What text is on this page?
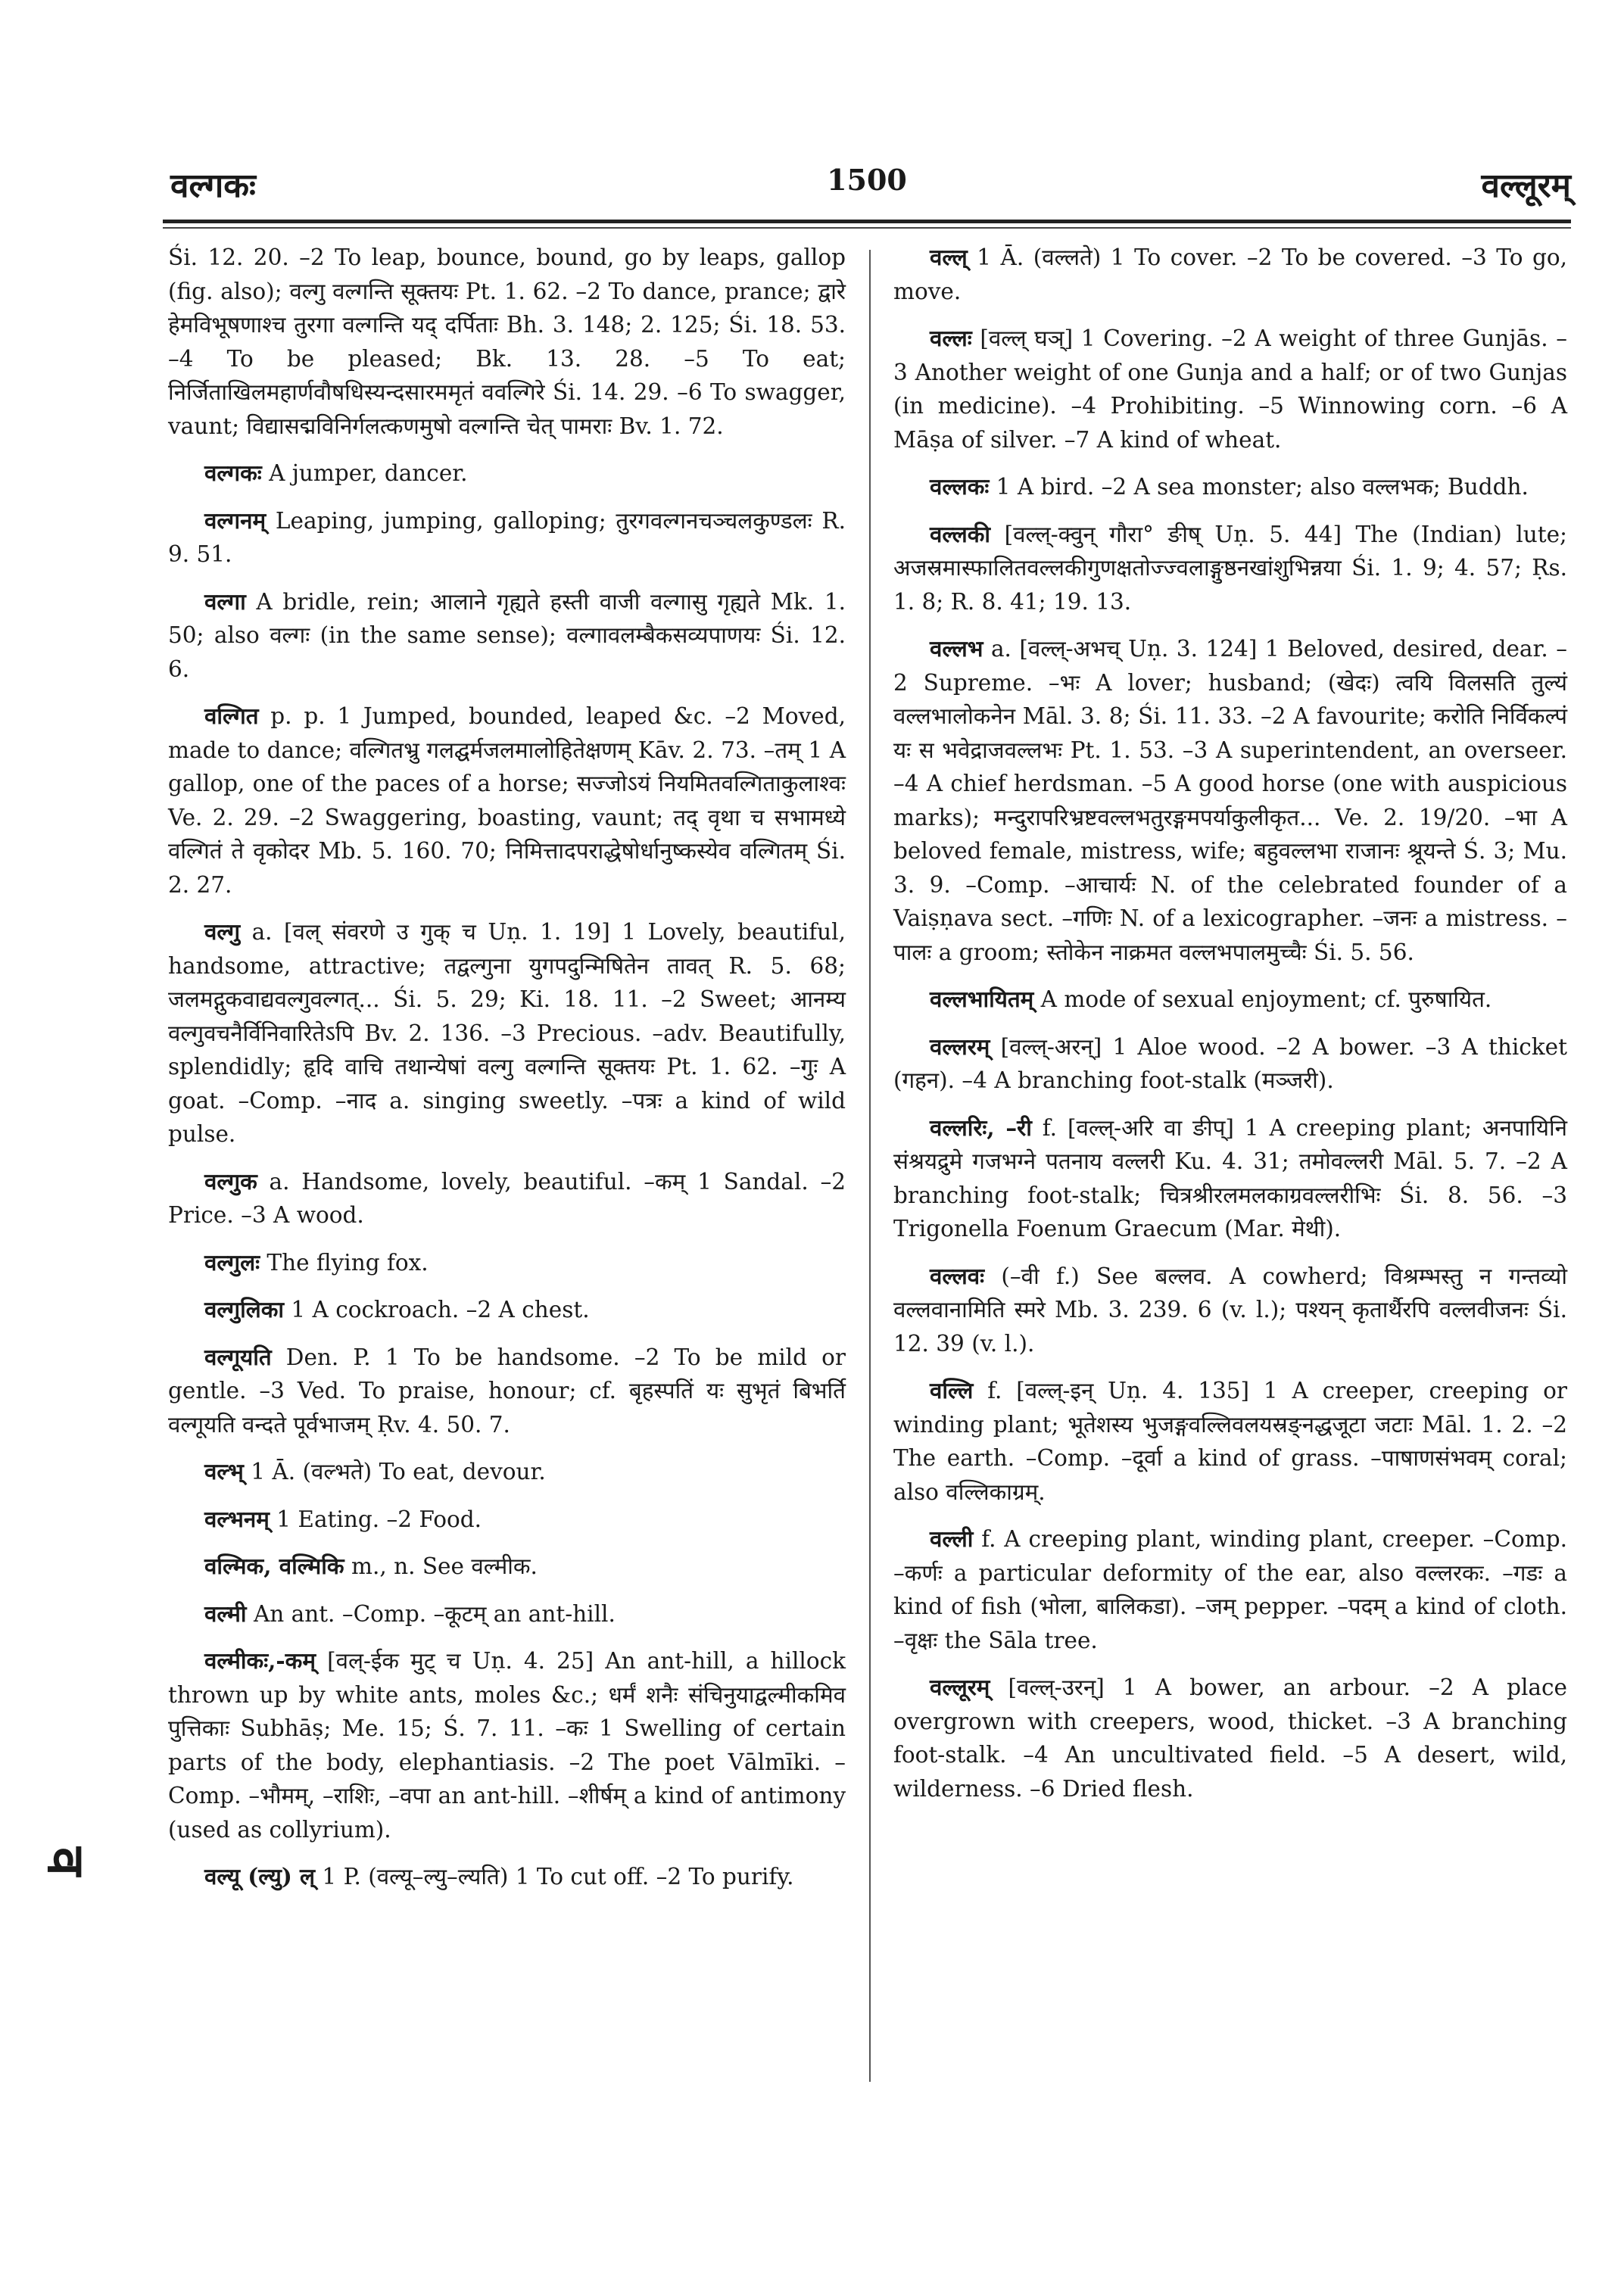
वल्गकः	1500	वल्लूरम्
व

Śi. 12. 20. –2 To leap, bounce, bound, go by leaps, gallop (fig. also); वल्गु वल्गन्ति सूक्तयः Pt. 1. 62. –2 To dance, prance; द्वारे हेमविभूषणाश्च तुरगा वल्गन्ति यद् दर्पिताः Bh. 3. 148; 2. 125; Śi. 18. 53. –4 To be pleased; Bk. 13. 28. –5 To eat; निर्जिताखिलमहार्णवौषधिस्यन्दसारममृतं ववल्गिरे Śi. 14. 29. –6 To swagger, vaunt; विद्यासद्मविनिर्गलत्कणमुषो वल्गन्ति चेत् पामराः Bv. 1. 72.

वल्गकः A jumper, dancer.

वल्गनम् Leaping, jumping, galloping; तुरगवल्गनचञ्चलकुण्डलः R. 9. 51.

वल्गा A bridle, rein; आलाने गृह्यते हस्ती वाजी वल्गासु गृह्यते Mk. 1. 50; also वल्गः (in the same sense); वल्गावलम्बैकसव्यपाणयः Śi. 12. 6.

वल्गित p. p. 1 Jumped, bounded, leaped &c. –2 Moved, made to dance; वल्गितभ्रु गलद्घर्मजलमालोहितेक्षणम् Kāv. 2. 73. –तम् 1 A gallop, one of the paces of a horse; सज्जोऽयं नियमितवल्गिताकुलाश्वः Ve. 2. 29. –2 Swaggering, boasting, vaunt; तद् वृथा च सभामध्ये वल्गितं ते वृकोदर Mb. 5. 160. 70; निमित्तादपराद्धेषोर्धानुष्कस्येव वल्गितम् Śi. 2. 27.

वल्गु a. [वल् संवरणे उ गुक् च Uṇ. 1. 19] 1 Lovely, beautiful, handsome, attractive; तद्वल्गुना युगपदुन्मिषितेन तावत् R. 5. 68; जलमद्गुकवाद्यवल्गुवल्गत्... Śi. 5. 29; Ki. 18. 11. –2 Sweet; आनम्य वल्गुवचनैर्विनिवारितेऽपि Bv. 2. 136. –3 Precious. –adv. Beautifully, splendidly; हृदि वाचि तथान्येषां वल्गु वल्गन्ति सूक्तयः Pt. 1. 62. –गुः A goat. –Comp. –नाद a. singing sweetly. –पत्रः a kind of wild pulse.

वल्गुक a. Handsome, lovely, beautiful. –कम् 1 Sandal. –2 Price. –3 A wood.

वल्गुलः The flying fox.

वल्गुलिका 1 A cockroach. –2 A chest.

वल्गूयति Den. P. 1 To be handsome. –2 To be mild or gentle. –3 Ved. To praise, honour; cf. बृहस्पतिं यः सुभृतं बिभर्ति वल्गूयति वन्दते पूर्वभाजम् Ṛv. 4. 50. 7.

वल्भ् 1 Ā. (वल्भते) To eat, devour.

वल्भनम् 1 Eating. –2 Food.

वल्मिक, वल्मिकि m., n. See वल्मीक.

वल्मी An ant. –Comp. –कूटम् an ant-hill.

वल्मीकः,-कम् [वल्-ईक मुट् च Uṇ. 4. 25] An ant-hill, a hillock thrown up by white ants, moles &c.; धर्मं शनैः संचिनुयाद्वल्मीकमिव पुत्तिकाः Subhāṣ; Me. 15; Ś. 7. 11. –कः 1 Swelling of certain parts of the body, elephantiasis. –2 The poet Vālmīki. –Comp. –भौमम्, –राशिः, –वपा an ant-hill. –शीर्षम् a kind of antimony (used as collyrium).

वल्यू (ल्यु) ल् 1 P. (वल्यू–ल्यु–ल्यति) 1 To cut off. –2 To purify.

वल्ल् 1 Ā. (वल्लते) 1 To cover. –2 To be covered. –3 To go, move.

वल्लः [वल्ल् घञ्] 1 Covering. –2 A weight of three Gunjās. –3 Another weight of one Gunja and a half; or of two Gunjas (in medicine). –4 Prohibiting. –5 Winnowing corn. –6 A Māṣa of silver. –7 A kind of wheat.

वल्लकः 1 A bird. –2 A sea monster; also वल्लभक; Buddh.

वल्लकी [वल्ल्-क्वुन् गौरा° ङीष् Uṇ. 5. 44] The (Indian) lute; अजस्रमास्फालितवल्लकीगुणक्षतोज्ज्वलाङ्गुष्ठनखांशुभिन्नया Śi. 1. 9; 4. 57; Ṛs. 1. 8; R. 8. 41; 19. 13.

वल्लभ a. [वल्ल्-अभच् Uṇ. 3. 124] 1 Beloved, desired, dear. –2 Supreme. –भः A lover; husband; (खेदः) त्वयि विलसति तुल्यं वल्लभालोकनेन Māl. 3. 8; Śi. 11. 33. –2 A favourite; करोति निर्विकल्पं यः स भवेद्राजवल्लभः Pt. 1. 53. –3 A superintendent, an overseer. –4 A chief herdsman. –5 A good horse (one with auspicious marks); मन्दुरापरिभ्रष्टवल्लभतुरङ्गमपर्याकुलीकृत... Ve. 2. 19/20. –भा A beloved female, mistress, wife; बहुवल्लभा राजानः श्रूयन्ते Ś. 3; Mu. 3. 9. –Comp. –आचार्यः N. of the celebrated founder of a Vaiṣṇava sect. –गणिः N. of a lexicographer. –जनः a mistress. –पालः a groom; स्तोकेन नाक्रमत वल्लभपालमुच्चैः Śi. 5. 56.

वल्लभायितम् A mode of sexual enjoyment; cf. पुरुषायित.

वल्लरम् [वल्ल्-अरन्] 1 Aloe wood. –2 A bower. –3 A thicket (गहन). –4 A branching foot-stalk (मञ्जरी).

वल्लरिः, –री f. [वल्ल्-अरि वा ङीप्] 1 A creeping plant; अनपायिनि संश्रयद्रुमे गजभग्ने पतनाय वल्लरी Ku. 4. 31; तमोवल्लरी Māl. 5. 7. –2 A branching foot-stalk; चित्रश्रीरलमलकाग्रवल्लरीभिः Śi. 8. 56. –3 Trigonella Foenum Graecum (Mar. मेथी).

वल्लवः (–वी f.) See बल्लव. A cowherd; विश्रम्भस्तु न गन्तव्यो वल्लवानामिति स्मरे Mb. 3. 239. 6 (v. l.); पश्यन् कृतार्थैरपि वल्लवीजनः Śi. 12. 39 (v. l.).

वल्लि f. [वल्ल्-इन् Uṇ. 4. 135] 1 A creeper, creeping or winding plant; भूतेशस्य भुजङ्गवल्लिवलयस्रङ्नद्धजूटा जटाः Māl. 1. 2. –2 The earth. –Comp. –दूर्वा a kind of grass. –पाषाणसंभवम् coral; also वल्लिकाग्रम्.

वल्ली f. A creeping plant, winding plant, creeper. –Comp. –कर्णः a particular deformity of the ear, also वल्लरकः. –गडः a kind of fish (भोला, बालिकडा). –जम् pepper. –पदम् a kind of cloth. –वृक्षः the Sāla tree.

वल्लूरम् [वल्ल्-उरन्] 1 A bower, an arbour. –2 A place overgrown with creepers, wood, thicket. –3 A branching foot-stalk. –4 An uncultivated field. –5 A desert, wild, wilderness. –6 Dried flesh.
